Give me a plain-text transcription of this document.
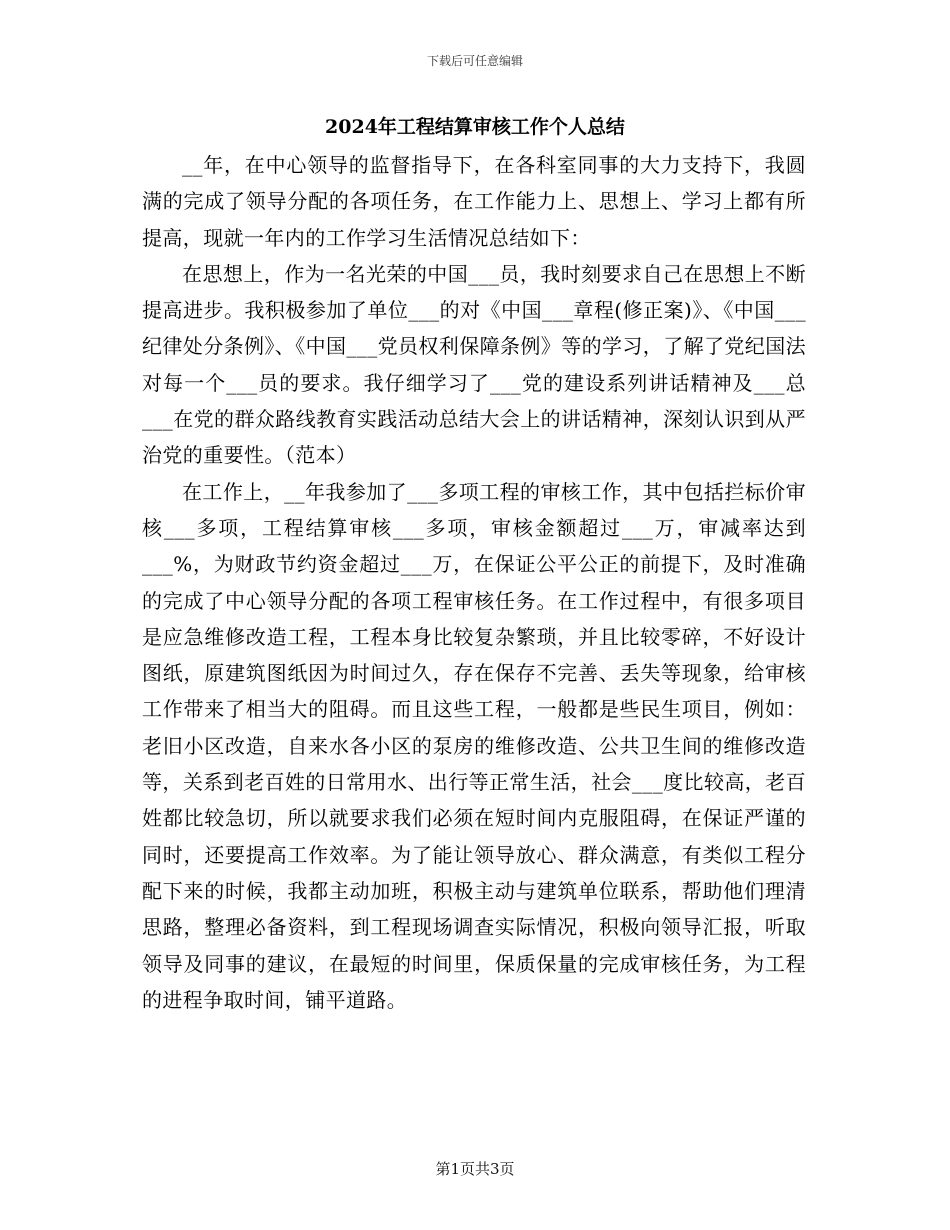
下载后可任意编辑
2024年工程结算审核工作个人总结

__年，在中心领导的监督指导下，在各科室同事的大力支持下，我圆满的完成了领导分配的各项任务，在工作能力上、思想上、学习上都有所提高，现就一年内的工作学习生活情况总结如下：

在思想上，作为一名光荣的中国___员，我时刻要求自己在思想上不断提高进步。我积极参加了单位___的对《中国___章程(修正案)》、《中国___纪律处分条例》、《中国___党员权利保障条例》等的学习，了解了党纪国法对每一个___员的要求。我仔细学习了___党的建设系列讲话精神及___总___在党的群众路线教育实践活动总结大会上的讲话精神，深刻认识到从严治党的重要性。（范本）

在工作上，__年我参加了___多项工程的审核工作，其中包括拦标价审核___多项，工程结算审核___多项，审核金额超过___万，审减率达到___%，为财政节约资金超过___万，在保证公平公正的前提下，及时准确的完成了中心领导分配的各项工程审核任务。在工作过程中，有很多项目是应急维修改造工程，工程本身比较复杂繁琐，并且比较零碎，不好设计图纸，原建筑图纸因为时间过久，存在保存不完善、丢失等现象，给审核工作带来了相当大的阻碍。而且这些工程，一般都是些民生项目，例如：老旧小区改造，自来水各小区的泵房的维修改造、公共卫生间的维修改造等，关系到老百姓的日常用水、出行等正常生活，社会___度比较高，老百姓都比较急切，所以就要求我们必须在短时间内克服阻碍，在保证严谨的同时，还要提高工作效率。为了能让领导放心、群众满意，有类似工程分配下来的时候，我都主动加班，积极主动与建筑单位联系，帮助他们理清思路，整理必备资料，到工程现场调查实际情况，积极向领导汇报，听取领导及同事的建议，在最短的时间里，保质保量的完成审核任务，为工程的进程争取时间，铺平道路。

第1页共3页
